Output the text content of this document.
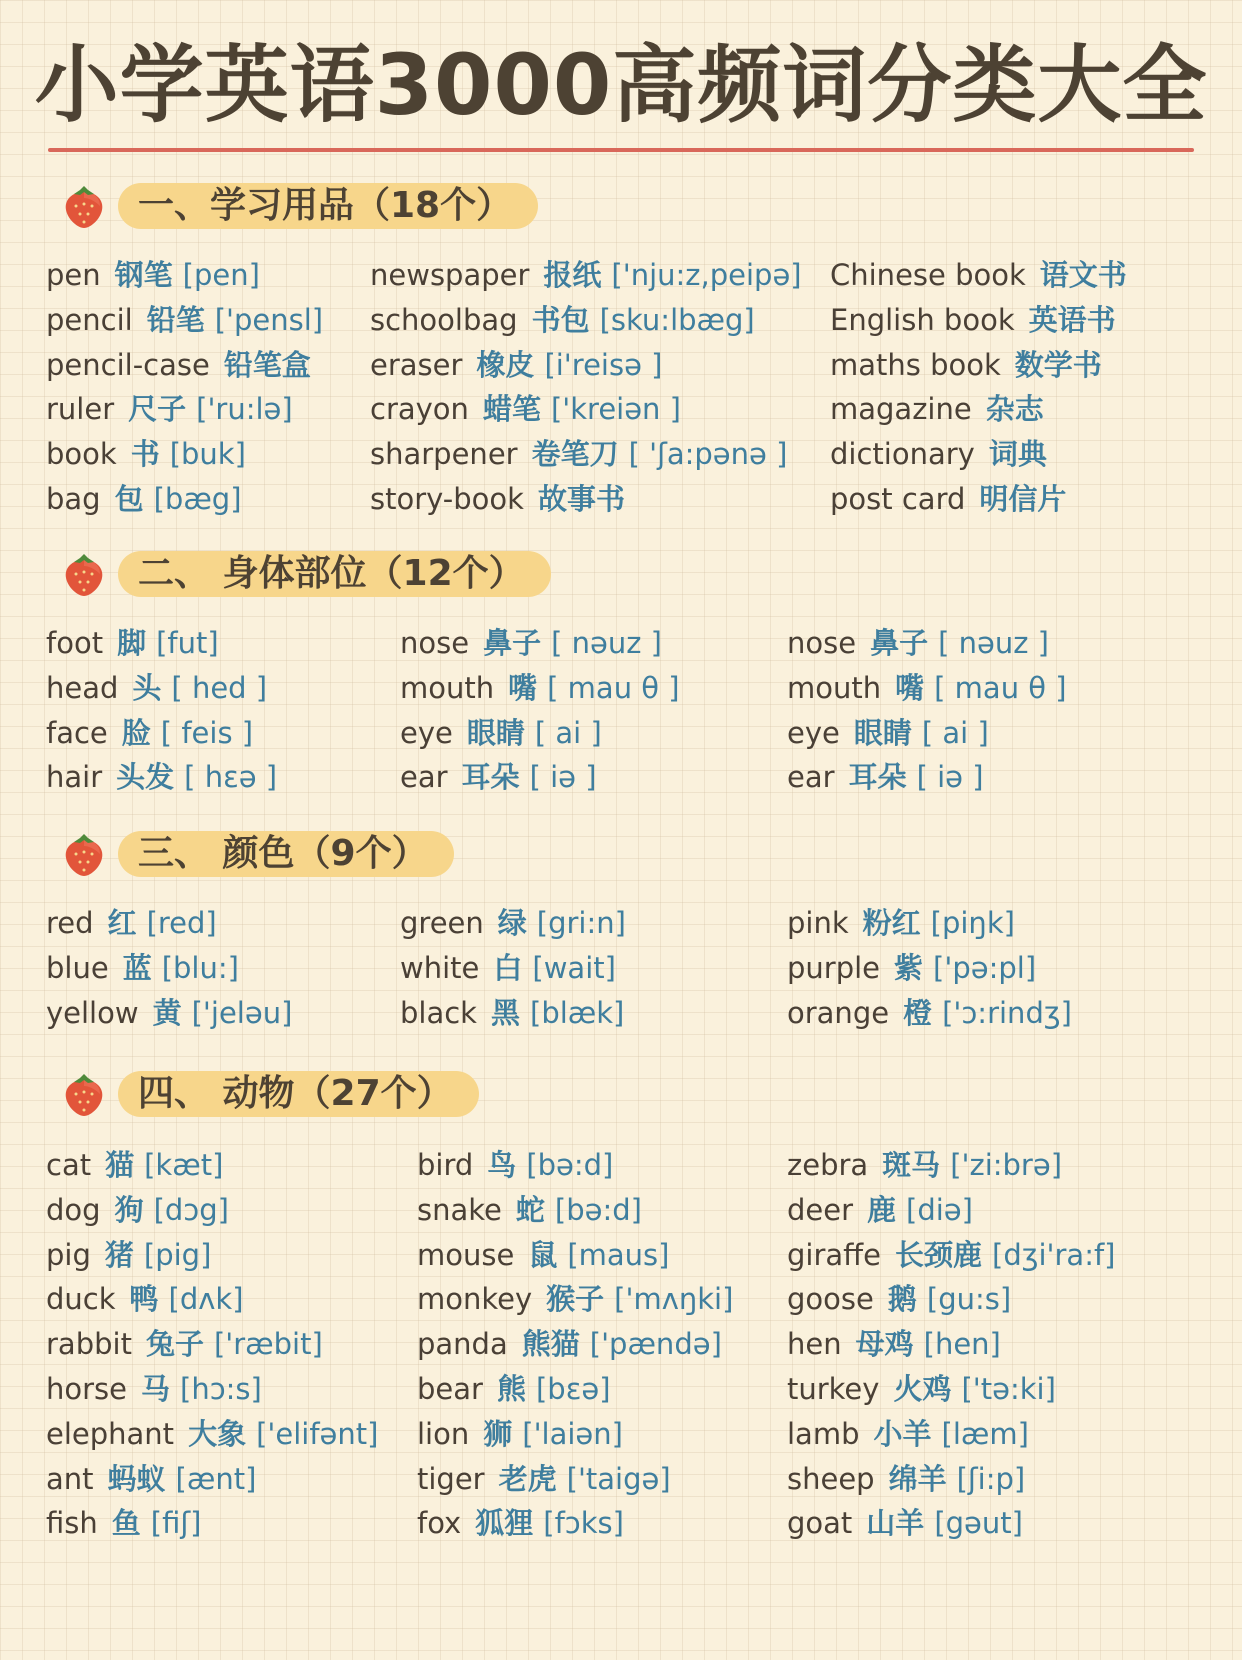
小学英语3000高频词分类大全
一、学习用品（18个）
pen 钢笔 [pen]
pencil 铅笔 ['pensl]
pencil-case 铅笔盒
ruler 尺子 ['ru:lə]
book 书 [buk]
bag 包 [bæg]
newspaper 报纸 ['nju:z,peipə]
schoolbag 书包 [sku:lbæg]
eraser 橡皮 [i'reisə ]
crayon 蜡笔 ['kreiən ]
sharpener 卷笔刀 [ 'ʃa:pənə ]
story-book 故事书
Chinese book 语文书
English book 英语书
maths book 数学书
magazine 杂志
dictionary 词典
post card 明信片
二、 身体部位（12个）
foot 脚 [fut]
head 头 [ hed ]
face 脸 [ feis ]
hair 头发 [ hɛə ]
nose 鼻子 [ nəuz ]
mouth 嘴 [ mau θ ]
eye 眼睛 [ ai ]
ear 耳朵 [ iə ]
nose 鼻子 [ nəuz ]
mouth 嘴 [ mau θ ]
eye 眼睛 [ ai ]
ear 耳朵 [ iə ]
三、 颜色（9个）
red 红 [red]
blue 蓝 [blu:]
yellow 黄 ['jeləu]
green 绿 [gri:n]
white 白 [wait]
black 黑 [blæk]
pink 粉红 [piŋk]
purple 紫 ['pə:pl]
orange 橙 ['ɔ:rindʒ]
四、 动物（27个）
cat 猫 [kæt]
dog 狗 [dɔg]
pig 猪 [pig]
duck 鸭 [dʌk]
rabbit 兔子 ['ræbit]
horse 马 [hɔ:s]
elephant 大象 ['elifənt]
ant 蚂蚁 [ænt]
fish 鱼 [fiʃ]
bird 鸟 [bə:d]
snake 蛇 [bə:d]
mouse 鼠 [maus]
monkey 猴子 ['mʌŋki]
panda 熊猫 ['pændə]
bear 熊 [bɛə]
lion 狮 ['laiən]
tiger 老虎 ['taigə]
fox 狐狸 [fɔks]
zebra 斑马 ['zi:brə]
deer 鹿 [diə]
giraffe 长颈鹿 [dʒi'ra:f]
goose 鹅 [gu:s]
hen 母鸡 [hen]
turkey 火鸡 ['tə:ki]
lamb 小羊 [læm]
sheep 绵羊 [ʃi:p]
goat 山羊 [gəut]
